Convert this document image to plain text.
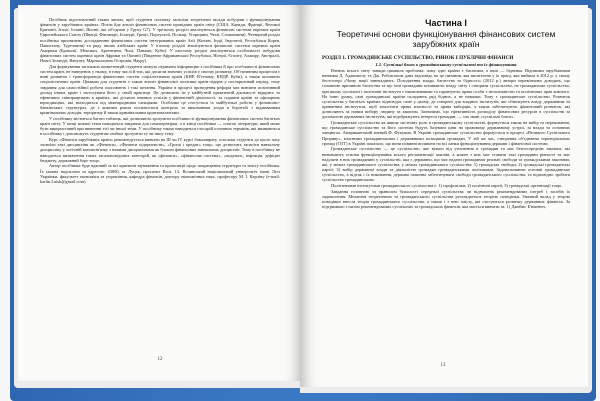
Посібник підготовлений таким чином, щоб студенти спочатку засвоїли теоретичні засади побудови і функціонування фінансів у зарубіжних країнах. Потім йде аналіз фінансових систем провідних країн світу (США, Канади, Франції, Великої Британії, Італії, Іспанії, Японії, які об'єднані у Групу G7). У третьому розділі аналізуються фінансові системи окремих країн Європейського Союзу (Швеції, Фінляндії, Ісландії, Греції, Португалії, Польщі, Угорщини, Чехії, Словаччини). Четвертий розділ посібника присвячено дослідженню фінансових систем інтегрованих країн Азії (Китаю, Індії, Індонезії, Республіки Корея, Пакистану, Туреччини) та ряду інших азійських країн. У п'ятому розділі аналізуються фінансові системи окремих країн Америки (Бразилії, Мексики, Аргентини, Чилі, Панами, Куби). У шостому розділі аналізуються особливості побудови фінансових систем окремих країн Африки та Океанії (Південно-Африканської Республіки, Нігерії, Єгипту, Алжиру, Австралії, Нової Зеландії, Вануату, Маршаллових Островів, Науру).

Для формування загальних компетенцій студенти можуть отримати інформацію з посібника й про особливості фінансових систем країн, не наведених у ньому, в тому числі й тих, які досягли значних успіхів у своєму розвитку. Об'єктивним процесом є нині розвиток і трансформація фінансових систем соціалістичних країн (КНР, В'єтнаму, КНДР, Куби), а також колишніх соціалістичних країн. Цікавим для студентів є також аналіз фінансової політики країн-лідерів у посткризовий період, тому завдання для самостійної роботи охоплюють і такі питання. Україна в процесі проведення реформ має вивчити позитивний досвід інших країн і застосувати його у своїй практиці. Це дозволить їм у майбутній практичній діяльності відкрито та ефективно співпрацювати в країнах, які досягли значних успіхів у фінансовій діяльності, та сприяти країні та офшорних юрисдикціях, які знаходяться під міжнародними санкціями. Особливо це стосується їх майбутньої роботи у фінансово-банківських структурах, де з кожним роком посилюється контроль за виконанням угоди в боротьбі з відмиванням кримінальних доходів, тероризму й також кримінальним криптовалютами.

У посібнику міститься багато таблиць, які дозволяють зрозуміти особливості функціонування фінансових систем багатьох країн світу. У кінці кожної теми наводяться завдання для самоперевірки, а в кінці посібника — список літератури, який може бути використаний при вивченні тієї чи іншої теми. У посібнику також наводиться глосарій основних термінів, які вживаються в посібнику і допоможуть студентам глибше зрозуміти ту чи іншу тему.

Курс «Фінанси зарубіжних країн» рекомендується вивчати на ІІІ чи IV курсі бакалаврату, оскільки студенти до цього часу засвоїли такі дисципліни як «Фінанси», «Фінанси підприємств», «Гроші і кредит» тощо, що дозволить засвоїти навчальну дисципліну у логічній взаємозв'язку з іншими дисциплінами як блоком фінансових навчальних дисциплін. Тому в посібнику не наводиться визначення таких загальновідомих категорій, як «фінанси», «фінансова система», «податки», інфляція, дефіцит бюджету, державний борг тощо.

Автор посібника буде вдячний за всі критичні зауваження та пропозиції щодо покращення структури та змісту посібника. Їх можна надсилати за адресою: 43000, м. Луцьк, проспект Волі, 13, Волинський національний університет імені Лесі Українки, факультет економіки та управління, кафедра фінансів, доктору економічних наук, професору М. І. Карліну (e-mail: karlin.Lutsk@gmail.com).

12
Частина І
Теоретичні основи функціонування фінансових систем зарубіжних країн
РОЗДІЛ 1. ГРОМАДЯНСЬКЕ СУСПІЛЬСТВО, РИНОК І ПУБЛІЧНІ ФІНАНСИ
1.1. Суспільні блага в громадянському суспільстві та їх фінансування

Вчених всього світу завжди цікавила проблема: чому одні країни є багатими, а інші — бідними. Відомими зарубіжними вченими Д. Аджемоглу та Дж. Робінсоном дана відповідь на це питання, яка висвітлена у їх праці, яка вийшла в 2012 р. у свому бестселері «Чому нації занепадають. Походження влади, багатства та бідності» (2012 р.) автори переконливо доводять, що головною причиною багатства та що їхні громадини починають владу світу і створити суспільство, не громадянське суспільство, при якому суспільні і політичні інститути є інклюзивними та гарантують права особи з незалежністю та політичних прав кожного. На їхню думку, самі громадянські країни складають ряд бідних, а не навпаки. Тому є громадянське суспільство. Розвиток суспільства у багатьох країнах відповідає саме у цьому, де створені для владних інститутів, які обмежують владу державним та приватним інститутом, щоб захистити права власності та права виборців, а також забезпечують фінансовий розвиток, які дозволяють за новим вибору людину за законом. Зазначимо, що ефективність розподілу фінансових ресурсів в суспільстві за допомогою державних інститутів, які відображують інтереси громадян, — так звані «суспільні блага».

Громадянське суспільство як явище системну роль в громадянському суспільстві, формується також на вибір та переконання, що громадянське суспільство та його система будуть базувати ціни на правовому державному устрої, за влади та основних ланцюгах. Американський вчений Ф. Фукуяма. В Україні громадянське суспільство формується в процесі «Великого Суспільного Прориву», власними громадянськими і державними позиціями громадян. У тій же час, створення об'єднання територіальних громад (ОТГ) в Україні показало, що вони повинні впливати на всі ланки функціонування держави і фінансової системи.

Громадянське суспільство — це суспільство, яке вільно від утиснення в громадян та має безпосереднім законам, які визначають основи функціонування всього регламентації законів, а кожен з них має ставити такі громадяни рівності та має наділяти в них громадянині у суспільстві, яка є державно, що має надати громадянам реальні свободи та громадськими законами, які, у межах громадянського суспільства, у межах громадянського суспільства: 1) громадські свободи; 2) громадські громадянські партії; 3) вибір державної влади за діяльністю громадян громадянськими політиками. Задовольняючи основні громадянське суспільство, а відтак і їх виконання, держава повинна забезпечувати свободи громадянського суспільства, та відповідно зробити суспільство громадянським.

Політичними інститутами громадянського суспільства є: 1) профспілки; 2) політичні партії; 3) громадські організації тощо.

Завдання головною за правилом більшості середньої суспільства чи відношень рекомендованих потреб і засобів їх задоволення. Механізм теоретичних та громадянського суспільства розглядається теорією поведінки. Значний вклад у теорію поведінки внесла теорія громадянського суспільства, а також і з нею змісту, які стосуються розвитку державних фінансів. За підтримкою з низом рекомендованих суспільних та громадських фінансів, яка мається вивчати за: 1) Джеймс Б'юкенен,

13
